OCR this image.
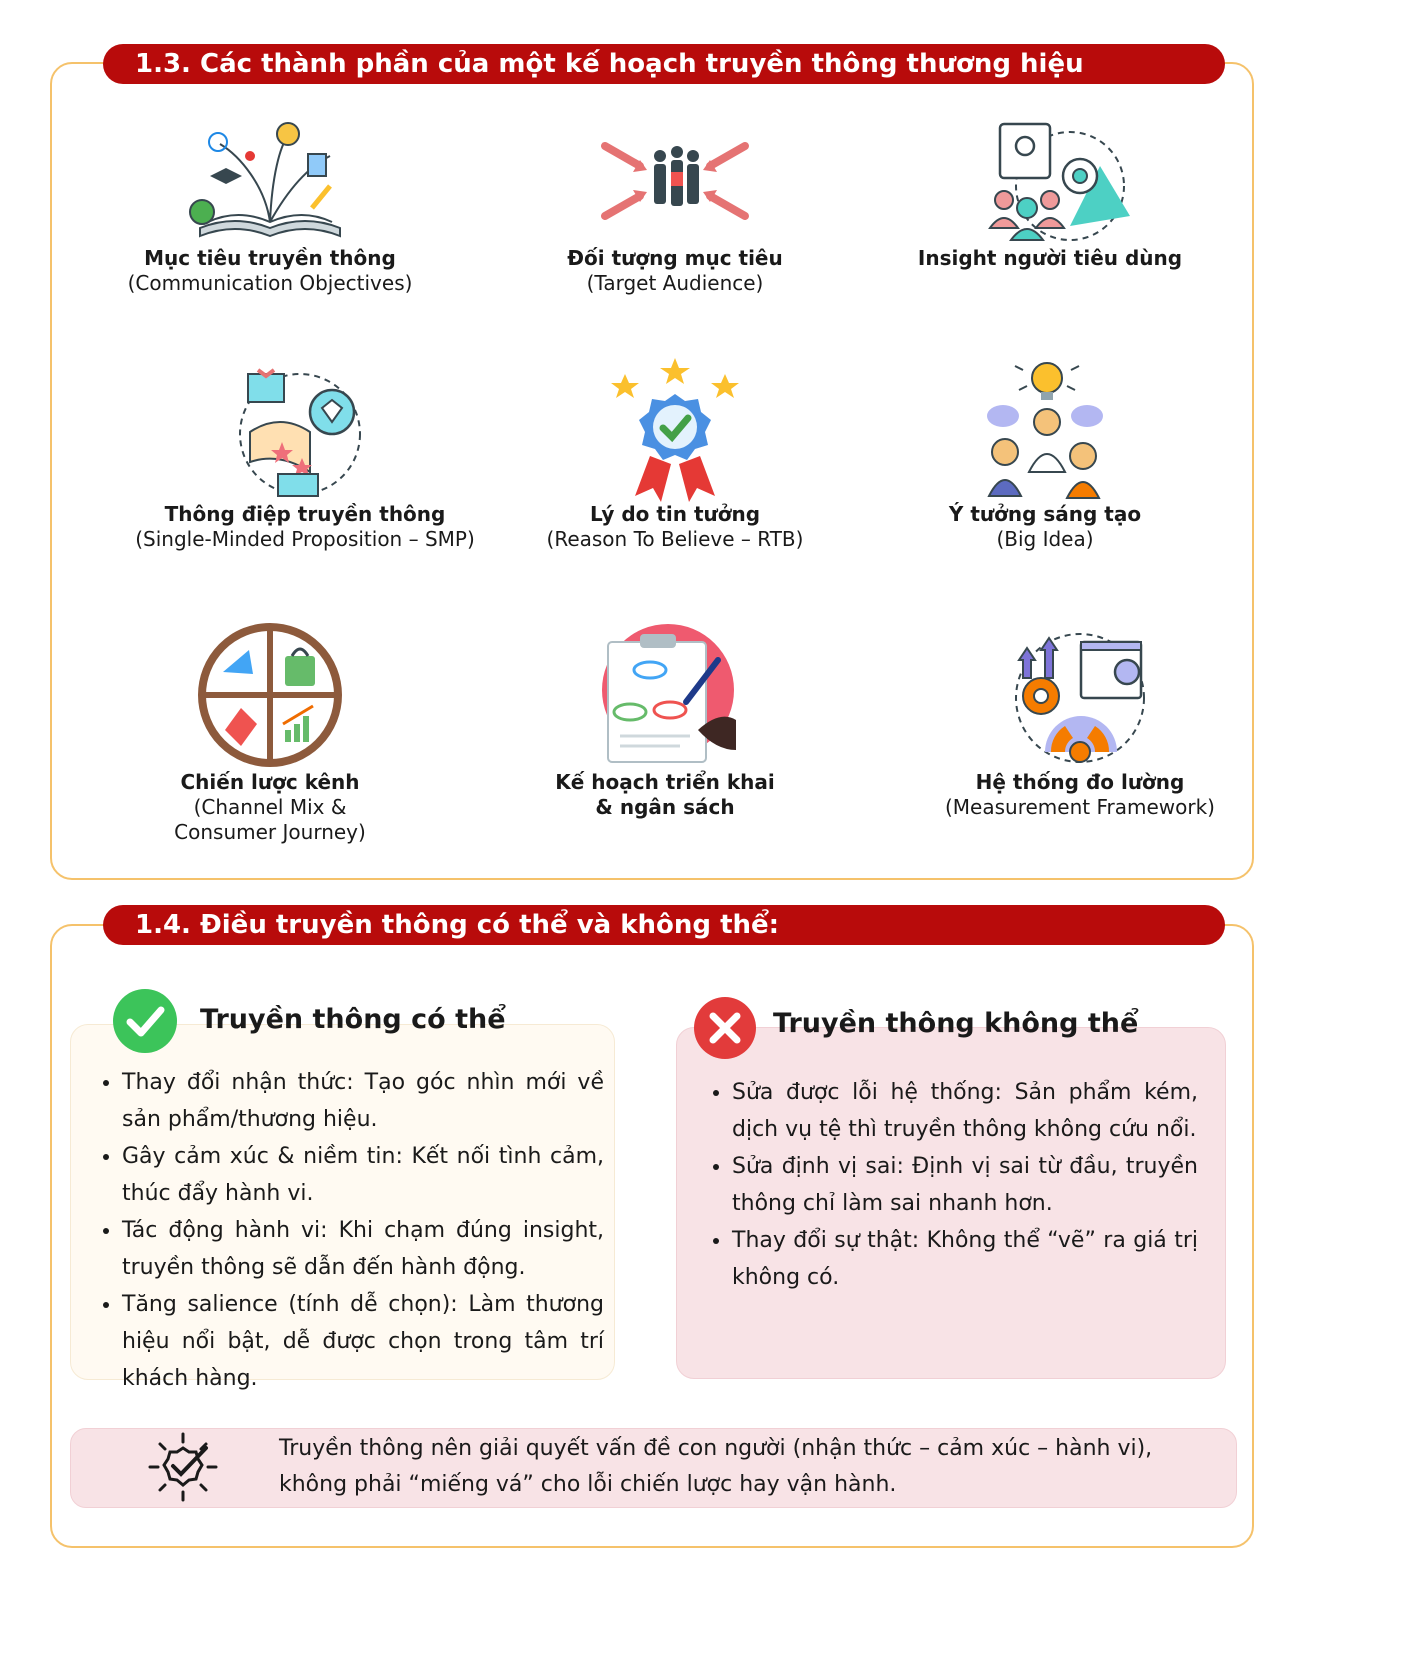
1.3. Các thành phần của một kế hoạch truyền thông thương hiệu
Mục tiêu truyền thông
(Communication Objectives)
Đối tượng mục tiêu
(Target Audience)
Insight người tiêu dùng
Thông điệp truyền thông
(Single-Minded Proposition – SMP)
Lý do tin tưởng
(Reason To Believe – RTB)
Ý tưởng sáng tạo
(Big Idea)
Chiến lược kênh
(Channel Mix &
Consumer Journey)
Kế hoạch triển khai
& ngân sách
Hệ thống đo lường
(Measurement Framework)
1.4. Điều truyền thông có thể và không thể:
Truyền thông có thể
• Thay đổi nhận thức: Tạo góc nhìn mới về sản phẩm/thương hiệu.
• Gây cảm xúc & niềm tin: Kết nối tình cảm, thúc đẩy hành vi.
• Tác động hành vi: Khi chạm đúng insight, truyền thông sẽ dẫn đến hành động.
• Tăng salience (tính dễ chọn): Làm thương hiệu nổi bật, dễ được chọn trong tâm trí khách hàng.
Truyền thông không thể
• Sửa được lỗi hệ thống: Sản phẩm kém, dịch vụ tệ thì truyền thông không cứu nổi.
• Sửa định vị sai: Định vị sai từ đầu, truyền thông chỉ làm sai nhanh hơn.
• Thay đổi sự thật: Không thể “vẽ” ra giá trị không có.
Truyền thông nên giải quyết vấn đề con người (nhận thức – cảm xúc – hành vi),
không phải “miếng vá” cho lỗi chiến lược hay vận hành.
